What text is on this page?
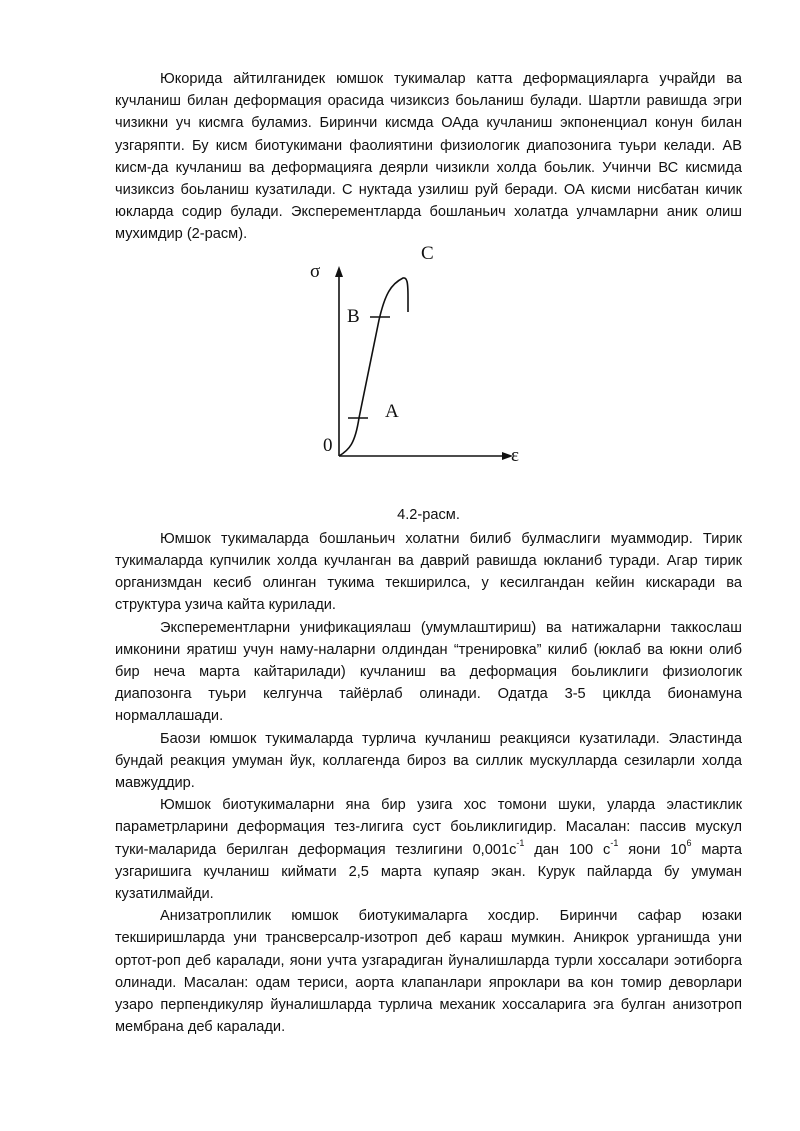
Юкорида айтилганидек юмшок тукималар катта деформацияларга учрайди ва кучланиш билан деформация орасида чизиксиз боьланиш булади. Шартли равишда эгри чизикни уч кисмга буламиз. Биринчи кисмда ОАда кучланиш экпоненциал конун билан узгаряпти. Бу кисм биотукимани фаолиятини физиологик диапозонига туьри келади. АВ кисм-да кучланиш ва деформацияга деярли чизикли холда боьлик. Учинчи ВС кисмида чизиксиз боьланиш кузатилади. С нуктада узилиш руй беради. ОА кисми нисбатан кичик юкларда содир булади. Эксперементларда бошланьич холатда улчамларни аник олиш мухимдир (2-расм).

σ
C
B
A
0	ε

4.2-расм.

Юмшок тукималарда бошланьич холатни билиб булмаслиги муаммодир. Тирик тукималарда купчилик холда кучланган ва даврий равишда юкланиб туради. Агар тирик организмдан кесиб олинган тукима текширилса, у кесилгандан кейин кискаради ва структура узича кайта курилади.

Эксперементларни унификациялаш (умумлаштириш) ва натижаларни таккослаш имконини яратиш учун наму-наларни олдиндан “тренировка” килиб (юклаб ва юкни олиб бир неча марта кайтарилади) кучланиш ва деформация боьликлиги физиологик диапозонга туьри келгунча тайёрлаб олинади. Одатда 3-5 циклда бионамуна нормаллашади.

Баози юмшок тукималарда турлича кучланиш реакцияси кузатилади. Эластинда бундай реакция умуман йук, коллагенда бироз ва силлик мускулларда сезиларли холда мавжуддир.

Юмшок биотукималарни яна бир узига хос томони шуки, уларда эластиклик параметрларини деформация тез-лигига суст боьликлигидир. Масалан: пассив мускул туки-маларида берилган деформация тезлигини $0,001с^{-1}$ дан 100 $с^{-1}$ яони $10^6$ марта узгаришига кучланиш киймати 2,5 марта купаяр экан. Курук пайларда бу умуман кузатилмайди.

Анизатроплилик юмшок биотукималарга хосдир. Биринчи сафар юзаки текширишларда уни трансверсалр-изотроп деб караш мумкин. Аникрок урганишда уни ортот-роп деб каралади, яони учта узгарадиган йуналишларда турли хоссалари эотиборга олинади. Масалан: одам териси, аорта клапанлари япроклари ва кон томир деворлари узаро перпендикуляр йуналишларда турлича механик хоссаларига эга булган анизотроп мембрана деб каралади.
